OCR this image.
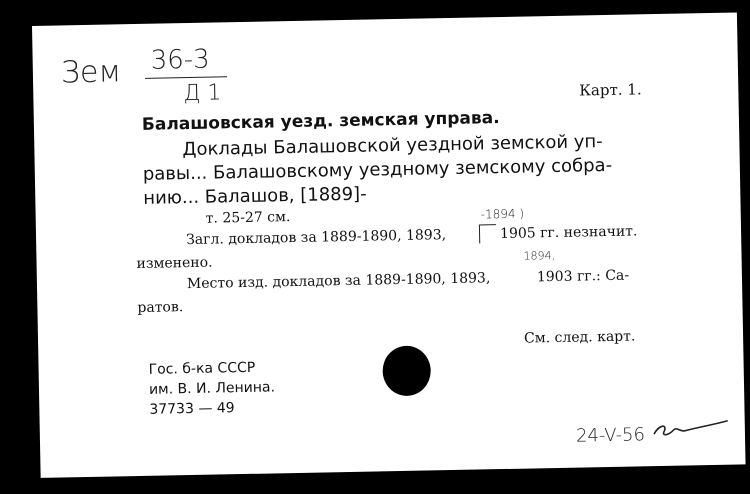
Зем 36-3
Д 1	Карт. 1.
Балашовская уезд. земская управа.
Доклады Балашовской уездной земской уп-
равы... Балашовскому уездному земскому собра-
нию... Балашов, [1889]-
т. 25-27 см.	-1894 )
Загл. докладов за 1889-1890, 1893,	1905 гг. незначит.
изменено.	1894,
Место изд. докладов за 1889-1890, 1893,	1903 гг.: Са-
ратов.
См. след. карт.
Гос. б-ка СССР
им. В. И. Ленина.
37733 — 49
24-V-56
